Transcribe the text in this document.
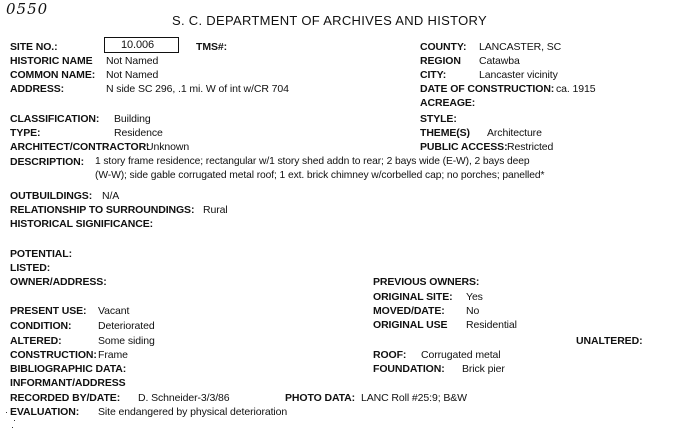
0550
S. C. DEPARTMENT OF ARCHIVES AND HISTORY
SITE NO.:	10.006	TMS#:
HISTORIC NAME Not Named
COMMON NAME: Not Named
ADDRESS:	N side SC 296, .1 mi. W of int w/CR 704
COUNTY: LANCASTER, SC
REGION Catawba
CITY:	Lancaster vicinity
DATE OF CONSTRUCTION: ca. 1915
ACREAGE:
CLASSIFICATION: Building	STYLE:
TYPE:	Residence	THEME(S) Architecture
ARCHITECT/CONTRACTOR:
Unknown	PUBLIC ACCESS: Restricted
DESCRIPTION: 1 story frame residence; rectangular w/1 story shed addn to rear; 2 bays wide (E-W), 2 bays deep
(W-W); side gable corrugated metal roof; 1 ext. brick chimney w/corbelled cap; no porches; panelled*
OUTBUILDINGS: N/A
RELATIONSHIP TO SURROUNDINGS: Rural
HISTORICAL SIGNIFICANCE:
POTENTIAL:
LISTED:
OWNER/ADDRESS:	PREVIOUS OWNERS:
ORIGINAL SITE: Yes
MOVED/DATE: No
ORIGINAL USE Residential
PRESENT USE: Vacant
CONDITION:	Deteriorated
ALTERED:	Some siding	UNALTERED:
CONSTRUCTION: Frame	ROOF: Corrugated metal
BIBLIOGRAPHIC DATA:	FOUNDATION: Brick pier
INFORMANT/ADDRESS
RECORDED BY/DATE: D. Schneider-3/3/86	PHOTO DATA: LANC Roll #25:9; B&W
EVALUATION: Site endangered by physical deterioration
